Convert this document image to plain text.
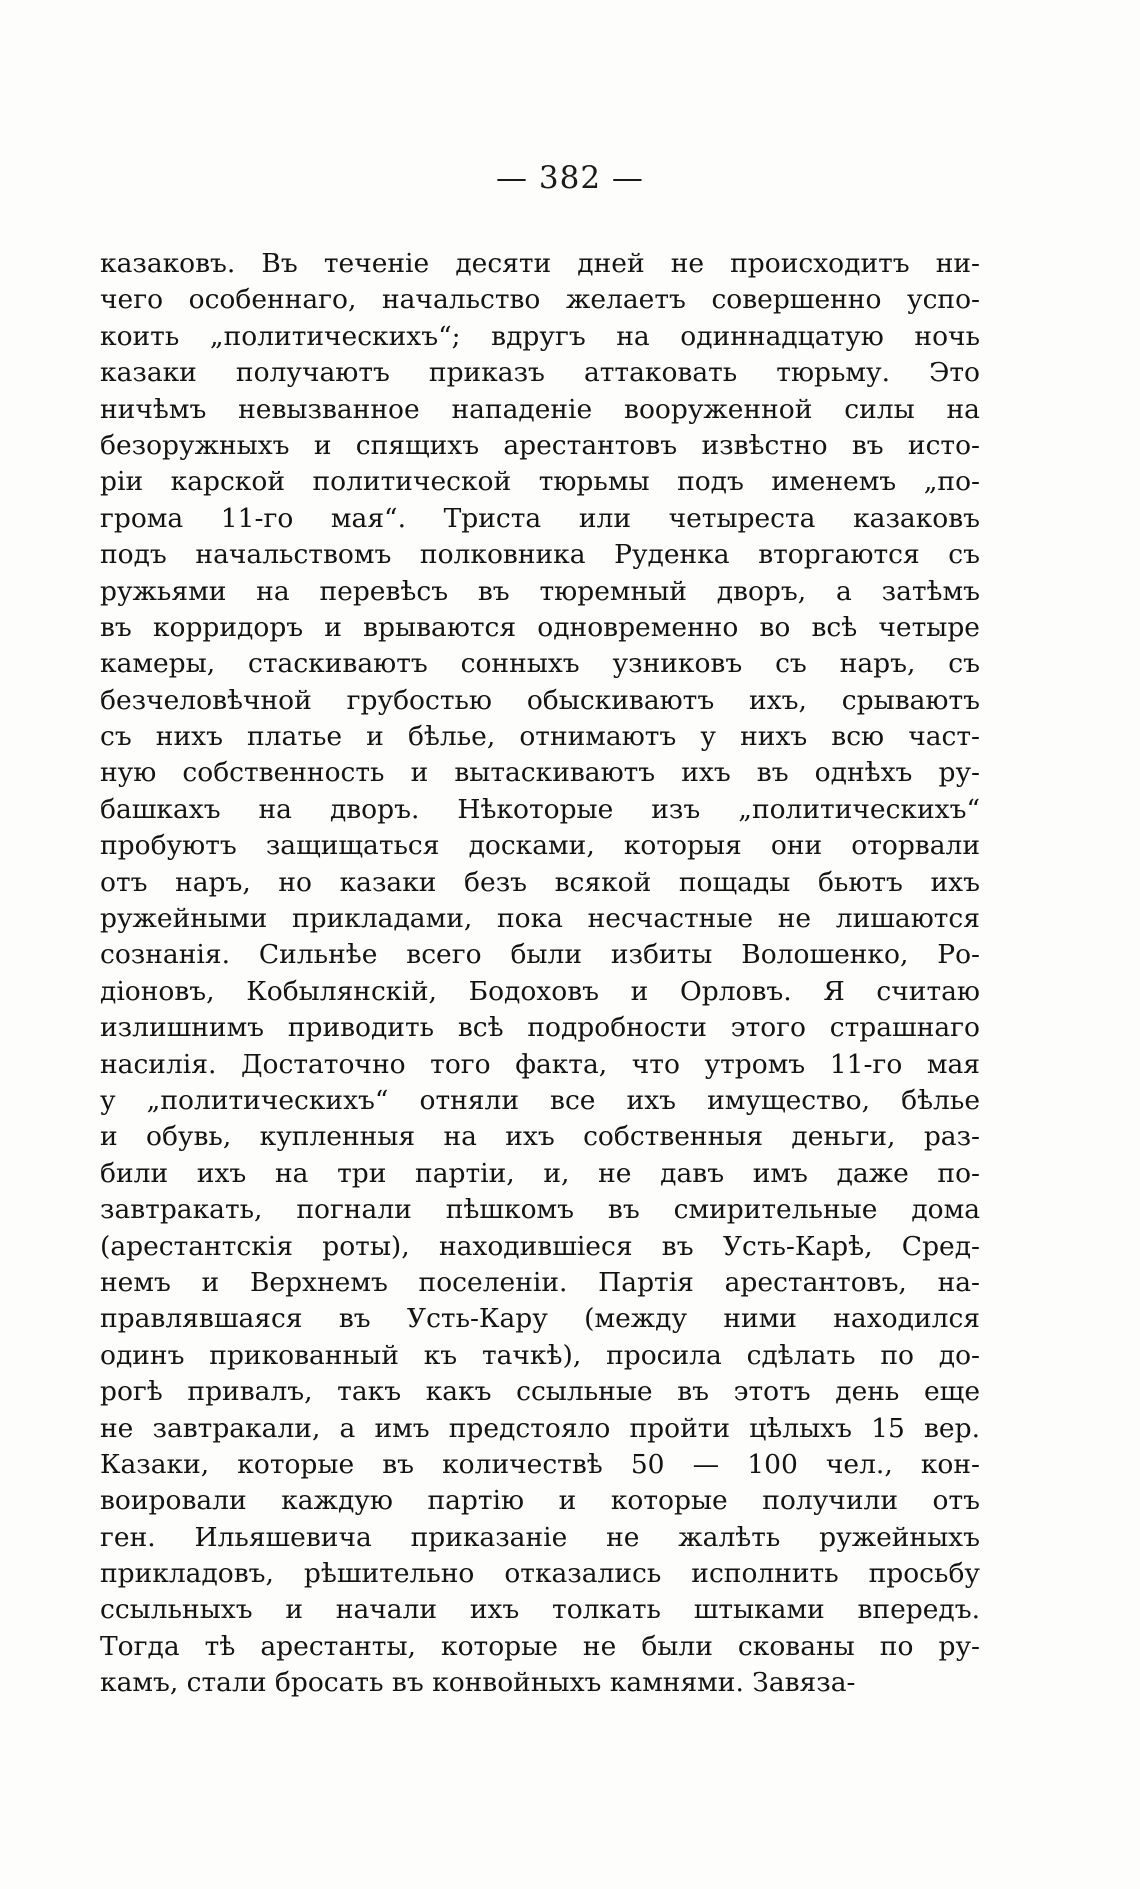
— 382 —
казаковъ. Въ теченіе десяти дней не происходитъ ни-
чего особеннаго, начальство желаетъ совершенно успо-
коить „политическихъ“; вдругъ на одиннадцатую ночь
казаки получаютъ приказъ аттаковать тюрьму. Это
ничѣмъ невызванное нападеніе вооруженной силы на
безоружныхъ и спящихъ арестантовъ извѣстно въ исто-
ріи карской политической тюрьмы подъ именемъ „по-
грома 11-го мая“. Триста или четыреста казаковъ
подъ начальствомъ полковника Руденка вторгаются съ
ружьями на перевѣсъ въ тюремный дворъ, а затѣмъ
въ корридоръ и врываются одновременно во всѣ четыре
камеры, стаскиваютъ сонныхъ узниковъ съ наръ, съ
безчеловѣчной грубостью обыскиваютъ ихъ, срываютъ
съ нихъ платье и бѣлье, отнимаютъ у нихъ всю част-
ную собственность и вытаскиваютъ ихъ въ однѣхъ ру-
башкахъ на дворъ. Нѣкоторые изъ „политическихъ“
пробуютъ защищаться досками, которыя они оторвали
отъ наръ, но казаки безъ всякой пощады бьютъ ихъ
ружейными прикладами, пока несчастные не лишаются
сознанія. Сильнѣе всего были избиты Волошенко, Ро-
діоновъ, Кобылянскій, Бодоховъ и Орловъ. Я считаю
излишнимъ приводить всѣ подробности этого страшнаго
насилія. Достаточно того факта, что утромъ 11-го мая
у „политическихъ“ отняли все ихъ имущество, бѣлье
и обувь, купленныя на ихъ собственныя деньги, раз-
били ихъ на три партіи, и, не давъ имъ даже по-
завтракать, погнали пѣшкомъ въ смирительные дома
(арестантскія роты), находившіеся въ Усть-Карѣ, Сред-
немъ и Верхнемъ поселеніи. Партія арестантовъ, на-
правлявшаяся въ Усть-Кару (между ними находился
одинъ прикованный къ тачкѣ), просила сдѣлать по до-
рогѣ привалъ, такъ какъ ссыльные въ этотъ день еще
не завтракали, а имъ предстояло пройти цѣлыхъ 15 вер.
Казаки, которые въ количествѣ 50 — 100 чел., кон-
воировали каждую партію и которые получили отъ
ген. Ильяшевича приказаніе не жалѣть ружейныхъ
прикладовъ, рѣшительно отказались исполнить просьбу
ссыльныхъ и начали ихъ толкать штыками впередъ.
Тогда тѣ арестанты, которые не были скованы по ру-
камъ, стали бросать въ конвойныхъ камнями. Завяза-
